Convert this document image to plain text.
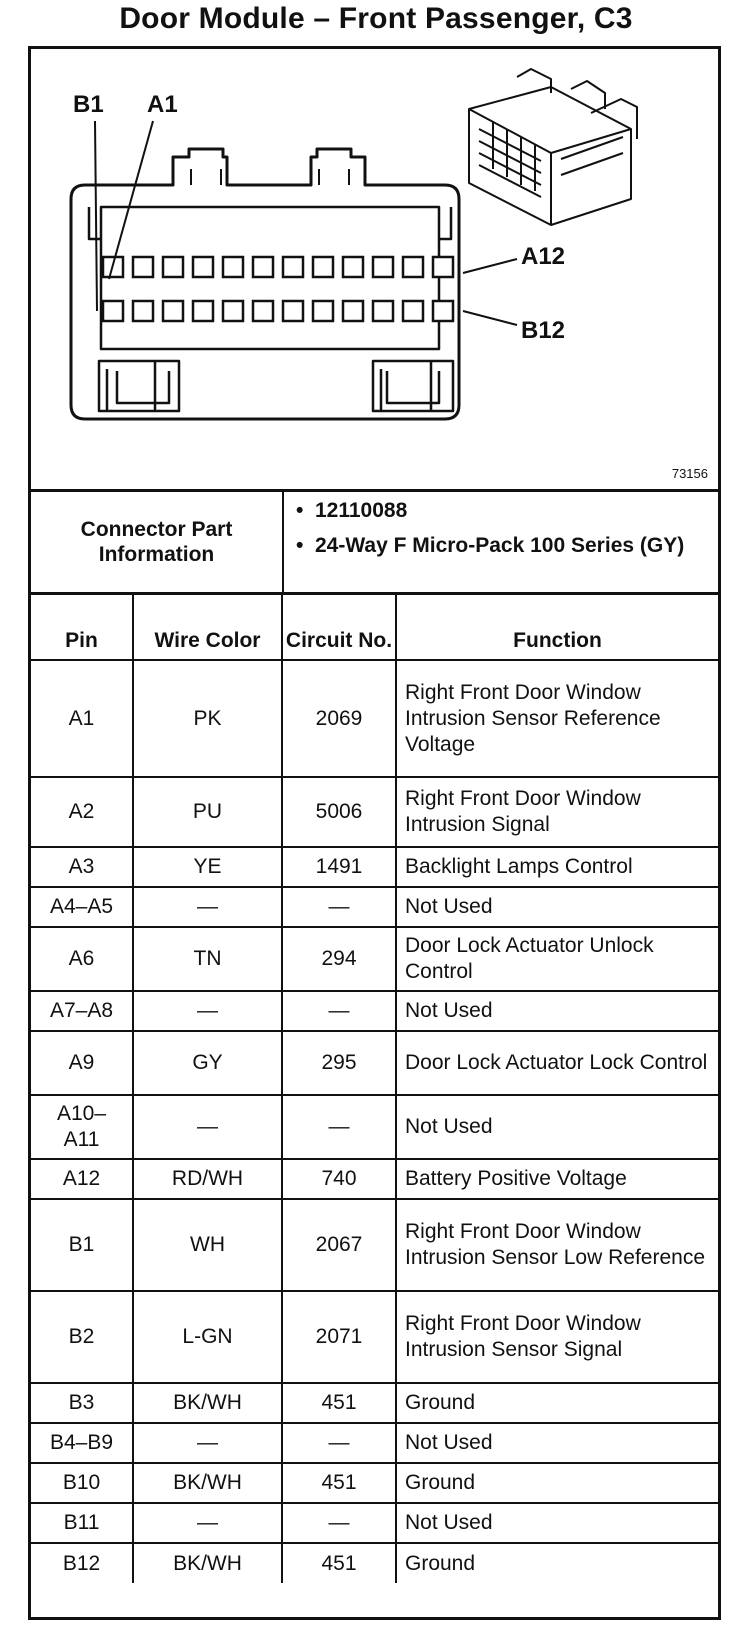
Door Module – Front Passenger, C3
B1 A1
A12
B12
73156
Connector Part Information
• 12110088
• 24-Way F Micro-Pack 100 Series (GY)
Pin	Wire Color	Circuit No.	Function
A1	PK	2069	Right Front Door Window Intrusion Sensor Reference Voltage
A2	PU	5006	Right Front Door Window Intrusion Signal
A3	YE	1491	Backlight Lamps Control
A4–A5	—	—	Not Used
A6	TN	294	Door Lock Actuator Unlock Control
A7–A8	—	—	Not Used
A9	GY	295	Door Lock Actuator Lock Control
A10–
A11	—	—	Not Used
A12	RD/WH	740	Battery Positive Voltage
B1	WH	2067	Right Front Door Window Intrusion Sensor Low Reference
B2	L-GN	2071	Right Front Door Window Intrusion Sensor Signal
B3	BK/WH	451	Ground
B4–B9	—	—	Not Used
B10	BK/WH	451	Ground
B11	—	—	Not Used
B12	BK/WH	451	Ground
